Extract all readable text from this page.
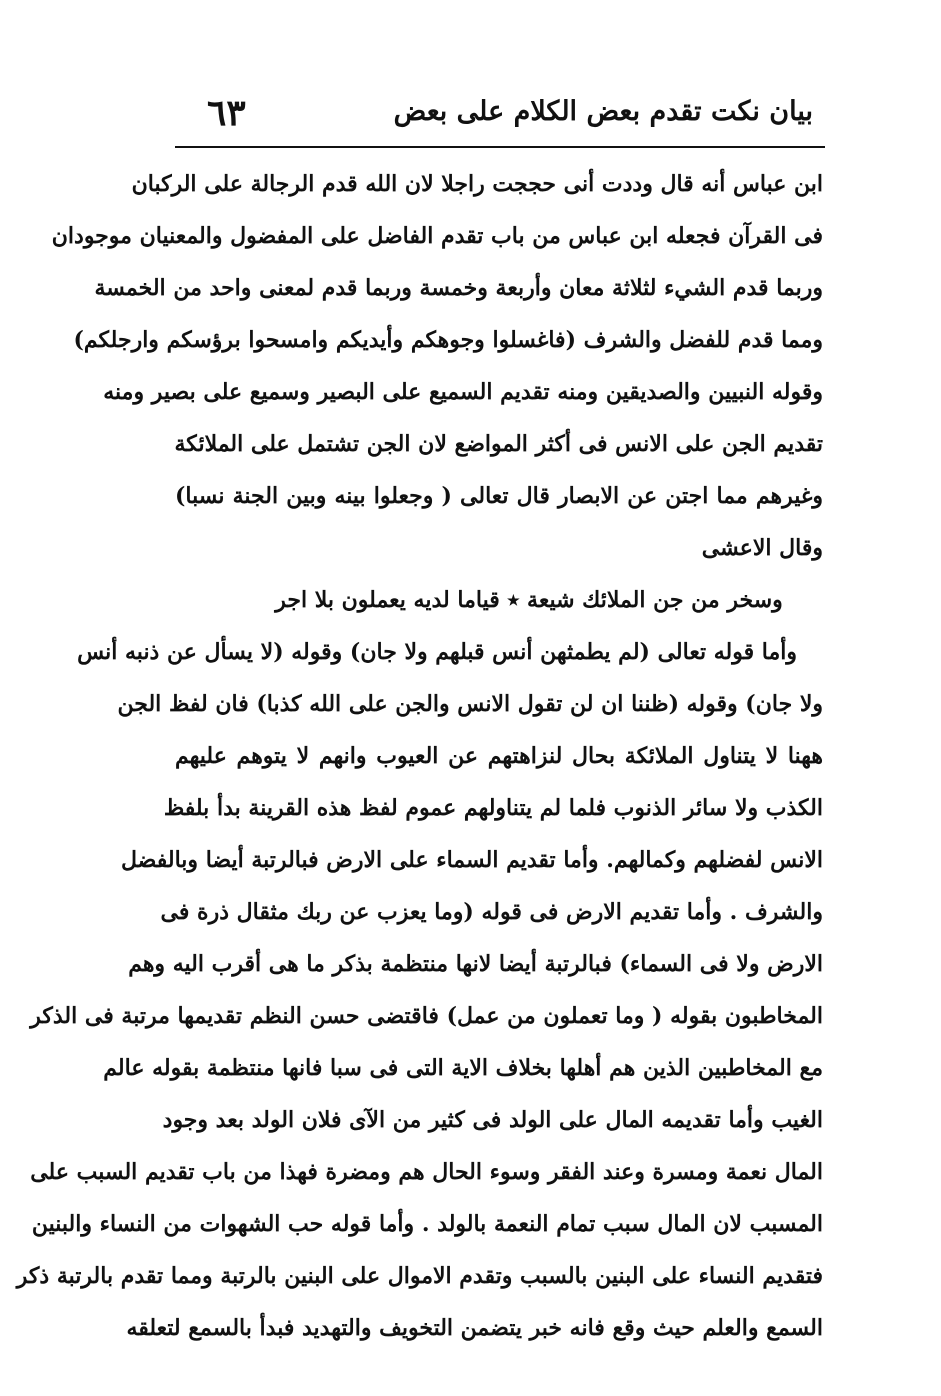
بيان نكت تقدم بعض الكلام على بعض
٦٣
ابن عباس أنه قال وددت أنى حججت راجلا لان الله قدم الرجالة على الركبان
فى القرآن فجعله ابن عباس من باب تقدم الفاضل على المفضول والمعنيان موجودان
وربما قدم الشيء لثلاثة معان وأربعة وخمسة وربما قدم لمعنى واحد من الخمسة
ومما قدم للفضل والشرف (فاغسلوا وجوهكم وأيديكم وامسحوا برؤسكم وارجلكم)
وقوله النبيين والصديقين ومنه تقديم السميع على البصير وسميع على بصير ومنه
تقديم الجن على الانس فى أكثر المواضع لان الجن تشتمل على الملائكة
وغيرهم مما اجتن عن الابصار قال تعالى ( وجعلوا بينه وبين الجنة نسبا)
وقال الاعشى
وسخر من جن الملائك شيعة ٭ قياما لديه يعملون بلا اجر
وأما قوله تعالى (لم يطمثهن أنس قبلهم ولا جان) وقوله (لا يسأل عن ذنبه أنس
ولا جان) وقوله (ظننا ان لن تقول الانس والجن على الله كذبا) فان لفظ الجن
ههنا لا يتناول الملائكة بحال لنزاهتهم عن العيوب وانهم لا يتوهم عليهم
الكذب ولا سائر الذنوب فلما لم يتناولهم عموم لفظ هذه القرينة بدأ بلفظ
الانس لفضلهم وكمالهم. وأما تقديم السماء على الارض فبالرتبة أيضا وبالفضل
والشرف . وأما تقديم الارض فى قوله (وما يعزب عن ربك مثقال ذرة فى
الارض ولا فى السماء) فبالرتبة أيضا لانها منتظمة بذكر ما هى أقرب اليه وهم
المخاطبون بقوله ( وما تعملون من عمل) فاقتضى حسن النظم تقديمها مرتبة فى الذكر
مع المخاطبين الذين هم أهلها بخلاف الاية التى فى سبا فانها منتظمة بقوله عالم
الغيب وأما تقديمه المال على الولد فى كثير من الآى فلان الولد بعد وجود
المال نعمة ومسرة وعند الفقر وسوء الحال هم ومضرة فهذا من باب تقديم السبب على
المسبب لان المال سبب تمام النعمة بالولد . وأما قوله حب الشهوات من النساء والبنين
فتقديم النساء على البنين بالسبب وتقدم الاموال على البنين بالرتبة ومما تقدم بالرتبة ذكر
السمع والعلم حيث وقع فانه خبر يتضمن التخويف والتهديد فبدأ بالسمع لتعلقه
